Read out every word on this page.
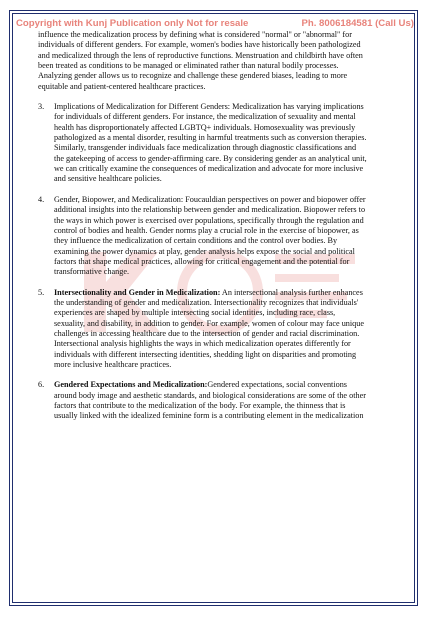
Copyright with Kunj Publication only Not for resale	Ph. 8006184581 (Call Us)

influence the medicalization process by defining what is considered "normal" or "abnormal" for individuals of different genders. For example, women's bodies have historically been pathologized and medicalized through the lens of reproductive functions. Menstruation and childbirth have often been treated as conditions to be managed or eliminated rather than natural bodily processes. Analyzing gender allows us to recognize and challenge these gendered biases, leading to more equitable and patient-centered healthcare practices.

3.	Implications of Medicalization for Different Genders: Medicalization has varying implications for individuals of different genders. For instance, the medicalization of sexuality and mental health has disproportionately affected LGBTQ+ individuals. Homosexuality was previously pathologized as a mental disorder, resulting in harmful treatments such as conversion therapies. Similarly, transgender individuals face medicalization through diagnostic classifications and the gatekeeping of access to gender-affirming care. By considering gender as an analytical unit, we can critically examine the consequences of medicalization and advocate for more inclusive and sensitive healthcare policies.

4.	Gender, Biopower, and Medicalization: Foucauldian perspectives on power and biopower offer additional insights into the relationship between gender and medicalization. Biopower refers to the ways in which power is exercised over populations, specifically through the regulation and control of bodies and health. Gender norms play a crucial role in the exercise of biopower, as they influence the medicalization of certain conditions and the control over bodies. By examining the power dynamics at play, gender analysis helps expose the social and political factors that shape medical practices, allowing for critical engagement and the potential for transformative change.

5.	Intersectionality and Gender in Medicalization: An intersectional analysis further enhances the understanding of gender and medicalization. Intersectionality recognizes that individuals' experiences are shaped by multiple intersecting social identities, including race, class, sexuality, and disability, in addition to gender. For example, women of colour may face unique challenges in accessing healthcare due to the intersection of gender and racial discrimination. Intersectional analysis highlights the ways in which medicalization operates differently for individuals with different intersecting identities, shedding light on disparities and promoting more inclusive healthcare practices.

6.	Gendered Expectations and Medicalization:Gendered expectations, social conventions around body image and aesthetic standards, and biological considerations are some of the other factors that contribute to the medicalization of the body. For example, the thinness that is usually linked with the idealized feminine form is a contributing element in the medicalization
